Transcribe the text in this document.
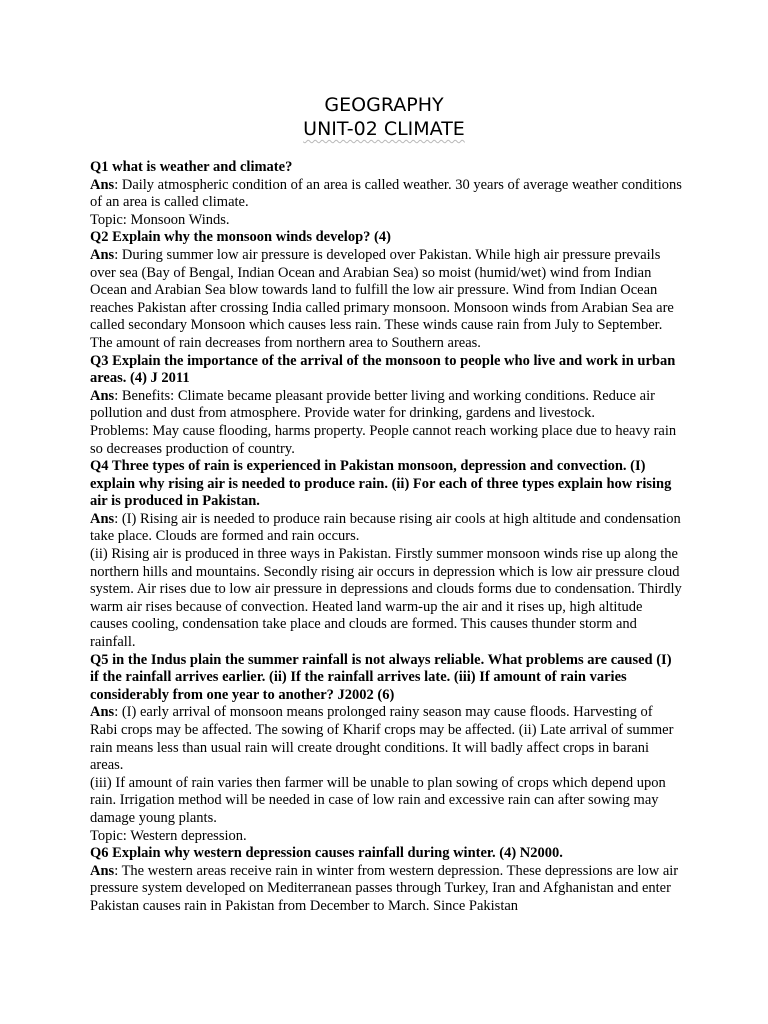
GEOGRAPHY
UNIT-02 CLIMATE

Q1 what is weather and climate?

Ans: Daily atmospheric condition of an area is called weather. 30 years of average weather conditions of an area is called climate.

Topic: Monsoon Winds.

Q2 Explain why the monsoon winds develop? (4)

Ans: During summer low air pressure is developed over Pakistan. While high air pressure prevails over sea (Bay of Bengal, Indian Ocean and Arabian Sea) so moist (humid/wet) wind from Indian Ocean and Arabian Sea blow towards land to fulfill the low air pressure. Wind from Indian Ocean reaches Pakistan after crossing India called primary monsoon. Monsoon winds from Arabian Sea are called secondary Monsoon which causes less rain. These winds cause rain from July to September. The amount of rain decreases from northern area to Southern areas.

Q3 Explain the importance of the arrival of the monsoon to people who live and work in urban areas. (4) J 2011

Ans: Benefits: Climate became pleasant provide better living and working conditions. Reduce air pollution and dust from atmosphere. Provide water for drinking, gardens and livestock.

Problems: May cause flooding, harms property. People cannot reach working place due to heavy rain so decreases production of country.

Q4 Three types of rain is experienced in Pakistan monsoon, depression and convection. (I) explain why rising air is needed to produce rain. (ii) For each of three types explain how rising air is produced in Pakistan.

Ans: (I) Rising air is needed to produce rain because rising air cools at high altitude and condensation take place. Clouds are formed and rain occurs.

(ii) Rising air is produced in three ways in Pakistan. Firstly summer monsoon winds rise up along the northern hills and mountains. Secondly rising air occurs in depression which is low air pressure cloud system. Air rises due to low air pressure in depressions and clouds forms due to condensation. Thirdly warm air rises because of convection. Heated land warm-up the air and it rises up, high altitude causes cooling, condensation take place and clouds are formed. This causes thunder storm and rainfall.

Q5 in the Indus plain the summer rainfall is not always reliable. What problems are caused (I) if the rainfall arrives earlier. (ii) If the rainfall arrives late. (iii) If amount of rain varies considerably from one year to another? J2002 (6)

Ans: (I) early arrival of monsoon means prolonged rainy season may cause floods. Harvesting of Rabi crops may be affected. The sowing of Kharif crops may be affected. (ii) Late arrival of summer rain means less than usual rain will create drought conditions. It will badly affect crops in barani areas.

(iii) If amount of rain varies then farmer will be unable to plan sowing of crops which depend upon rain. Irrigation method will be needed in case of low rain and excessive rain can after sowing may damage young plants.

Topic: Western depression.

Q6 Explain why western depression causes rainfall during winter. (4) N2000.

Ans: The western areas receive rain in winter from western depression. These depressions are low air pressure system developed on Mediterranean passes through Turkey, Iran and Afghanistan and enter Pakistan causes rain in Pakistan from December to March. Since Pakistan
